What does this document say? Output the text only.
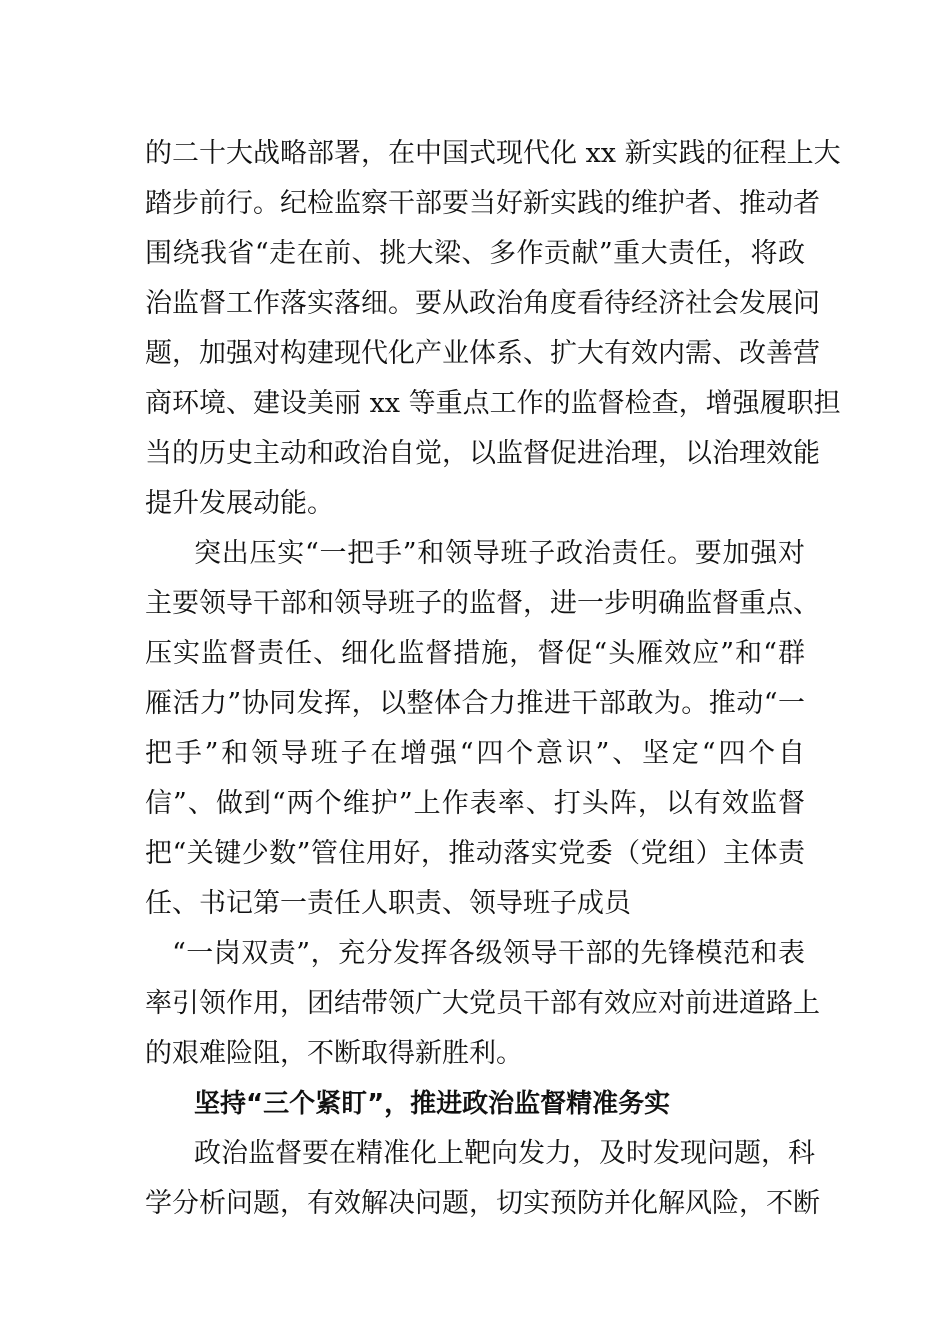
的二十大战略部署，在中国式现代化 xx 新实践的征程上大
踏步前行。纪检监察干部要当好新实践的维护者、推动者
围绕我省“走在前、挑大梁、多作贡献”重大责任，将政
治监督工作落实落细。要从政治角度看待经济社会发展问
题，加强对构建现代化产业体系、扩大有效内需、改善营
商环境、建设美丽 xx 等重点工作的监督检查，增强履职担
当的历史主动和政治自觉，以监督促进治理，以治理效能
提升发展动能。
突出压实“一把手”和领导班子政治责任。要加强对
主要领导干部和领导班子的监督，进一步明确监督重点、
压实监督责任、细化监督措施，督促“头雁效应”和“群
雁活力”协同发挥，以整体合力推进干部敢为。推动“一
把手”和领导班子在增强“四个意识”、坚定“四个自
信”、做到“两个维护”上作表率、打头阵，以有效监督
把“关键少数”管住用好，推动落实党委（党组）主体责
任、书记第一责任人职责、领导班子成员
“一岗双责”，充分发挥各级领导干部的先锋模范和表
率引领作用，团结带领广大党员干部有效应对前进道路上
的艰难险阻，不断取得新胜利。
坚持“三个紧盯”，推进政治监督精准务实
政治监督要在精准化上靶向发力，及时发现问题，科
学分析问题，有效解决问题，切实预防并化解风险，不断
